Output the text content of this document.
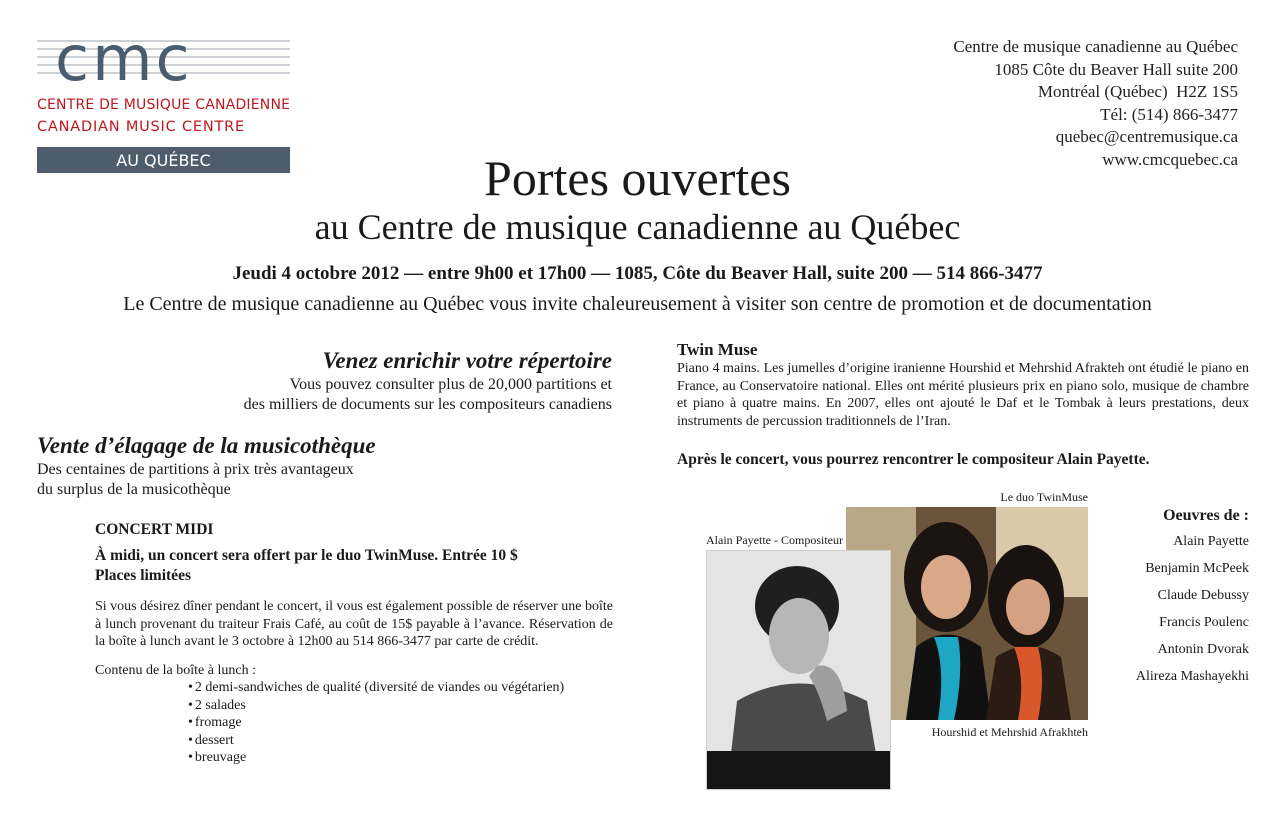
cmc
CENTRE DE MUSIQUE CANADIENNE
CANADIAN MUSIC CENTRE
AU QUÉBEC
Centre de musique canadienne au Québec
1085 Côte du Beaver Hall suite 200
Montréal (Québec)  H2Z 1S5
Tél: (514) 866-3477
quebec@centremusique.ca
www.cmcquebec.ca
Portes ouvertes
au Centre de musique canadienne au Québec
Jeudi 4 octobre 2012 — entre 9h00 et 17h00 — 1085, Côte du Beaver Hall, suite 200 — 514 866-3477
Le Centre de musique canadienne au Québec vous invite chaleureusement à visiter son centre de promotion et de documentation
Venez enrichir votre répertoire

Vous pouvez consulter plus de 20,000 partitions et

des milliers de documents sur les compositeurs canadiens

Vente d’élagage de la musicothèque

Des centaines de partitions à prix très avantageux

du surplus de la musicothèque

CONCERT MIDI
À midi, un concert sera offert par le duo TwinMuse. Entrée 10 $
Places limitées

Si vous désirez dîner pendant le concert, il vous est également possible de réserver une boîte à lunch provenant du traiteur Frais Café, au coût de 15$ payable à l’avance. Réservation de la boîte à lunch avant le 3 octobre à 12h00 au 514 866-3477 par carte de crédit.

Contenu de la boîte à lunch :

• 2 demi-sandwiches de qualité (diversité de viandes ou végétarien)
• 2 salades
• fromage
• dessert
• breuvage
Twin Muse

Piano 4 mains. Les jumelles d’origine iranienne Hourshid et Mehrshid Afrakteh ont étudié le piano en France, au Conservatoire national. Elles ont mérité plusieurs prix en piano solo, musique de chambre et piano à quatre mains. En 2007, elles ont ajouté le Daf et le Tombak à leurs prestations, deux instruments de percussion traditionnels de l’Iran.

Après le concert, vous pourrez rencontrer le compositeur Alain Payette.

Le duo TwinMuse
Alain Payette - Compositeur
Hourshid et Mehrshid Afrakhteh
Oeuvres de :
Alain Payette
Benjamin McPeek
Claude Debussy
Francis Poulenc
Antonin Dvorak
Alireza Mashayekhi
